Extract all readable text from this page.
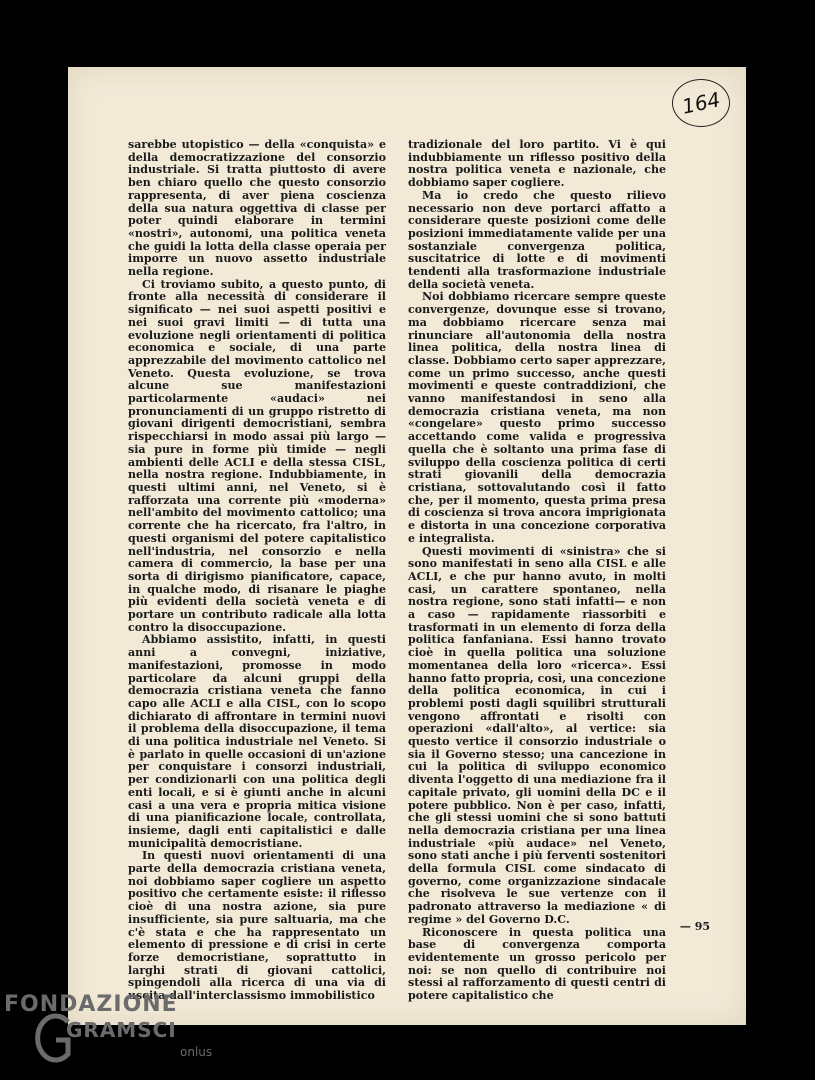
164

sarebbe utopistico — della «conquista» e della democratizzazione del consorzio industriale. Si tratta piuttosto di avere ben chiaro quello che questo consorzio rappresenta, di aver piena coscienza della sua natura oggettiva di classe per poter quindi elaborare in termini «nostri», autonomi, una politica veneta che guidi la lotta della classe operaia per imporre un nuovo assetto industriale nella regione.

Ci troviamo subito, a questo punto, di fronte alla necessità di considerare il significato — nei suoi aspetti positivi e nei suoi gravi limiti — di tutta una evoluzione negli orientamenti di politica economica e sociale, di una parte apprezzabile del movimento cattolico nel Veneto. Questa evoluzione, se trova alcune sue manifestazioni particolarmente «audaci» nei pronunciamenti di un gruppo ristretto di giovani dirigenti democristiani, sembra rispecchiarsi in modo assai più largo — sia pure in forme più timide — negli ambienti delle ACLI e della stessa CISL, nella nostra regione. Indubbiamente, in questi ultimi anni, nel Veneto, si è rafforzata una corrente più «moderna» nell'ambito del movimento cattolico; una corrente che ha ricercato, fra l'altro, in questi organismi del potere capitalistico nell'industria, nel consorzio e nella camera di commercio, la base per una sorta di dirigismo pianificatore, capace, in qualche modo, di risanare le piaghe più evidenti della società veneta e di portare un contributo radicale alla lotta contro la disoccupazione.

Abbiamo assistito, infatti, in questi anni a convegni, iniziative, manifestazioni, promosse in modo particolare da alcuni gruppi della democrazia cristiana veneta che fanno capo alle ACLI e alla CISL, con lo scopo dichiarato di affrontare in termini nuovi il problema della disoccupazione, il tema di una politica industriale nel Veneto. Si è parlato in quelle occasioni di un'azione per conquistare i consorzi industriali, per condizionarli con una politica degli enti locali, e si è giunti anche in alcuni casi a una vera e propria mitica visione di una pianificazione locale, controllata, insieme, dagli enti capitalistici e dalle municipalità democristiane.

In questi nuovi orientamenti di una parte della democrazia cristiana veneta, noi dobbiamo saper cogliere un aspetto positivo che certamente esiste: il riflesso cioè di una nostra azione, sia pure insufficiente, sia pure saltuaria, ma che c'è stata e che ha rappresentato un elemento di pressione e di crisi in certe forze democristiane, soprattutto in larghi strati di giovani cattolici, spingendoli alla ricerca di una via di uscita dall'interclassismo immobilistico

tradizionale del loro partito. Vi è qui indubbiamente un riflesso positivo della nostra politica veneta e nazionale, che dobbiamo saper cogliere.

Ma io credo che questo rilievo necessario non deve portarci affatto a considerare queste posizioni come delle posizioni immediatamente valide per una sostanziale convergenza politica, suscitatrice di lotte e di movimenti tendenti alla trasformazione industriale della società veneta.

Noi dobbiamo ricercare sempre queste convergenze, dovunque esse si trovano, ma dobbiamo ricercare senza mai rinunciare all'autonomia della nostra linea politica, della nostra linea di classe. Dobbiamo certo saper apprezzare, come un primo successo, anche questi movimenti e queste contraddizioni, che vanno manifestandosi in seno alla democrazia cristiana veneta, ma non «congelare» questo primo successo accettando come valida e progressiva quella che è soltanto una prima fase di sviluppo della coscienza politica di certi strati giovanili della democrazia cristiana, sottovalutando così il fatto che, per il momento, questa prima presa di coscienza si trova ancora imprigionata e distorta in una concezione corporativa e integralista.

Questi movimenti di «sinistra» che si sono manifestati in seno alla CISL e alle ACLI, e che pur hanno avuto, in molti casi, un carattere spontaneo, nella nostra regione, sono stati infatti— e non a caso — rapidamente riassorbiti e trasformati in un elemento di forza della politica fanfaniana. Essi hanno trovato cioè in quella politica una soluzione momentanea della loro «ricerca». Essi hanno fatto propria, così, una concezione della politica economica, in cui i problemi posti dagli squilibri strutturali vengono affrontati e risolti con operazioni «dall'alto», al vertice: sia questo vertice il consorzio industriale o sia il Governo stesso; una cancezione in cui la politica di sviluppo economico diventa l'oggetto di una mediazione fra il capitale privato, gli uomini della DC e il potere pubblico. Non è per caso, infatti, che gli stessi uomini che si sono battuti nella democrazia cristiana per una linea industriale «più audace» nel Veneto, sono stati anche i più ferventi sostenitori della formula CISL come sindacato di governo, come organizzazione sindacale che risolveva le sue vertenze con il padronato attraverso la mediazione « di regime » del Governo D.C.

Riconoscere in questa politica una base di convergenza comporta evidentemente un grosso pericolo per noi: se non quello di contribuire noi stessi al rafforzamento di questi centri di potere capitalistico che

— 95
FONDAZIONE
GRAMSCI
onlus
